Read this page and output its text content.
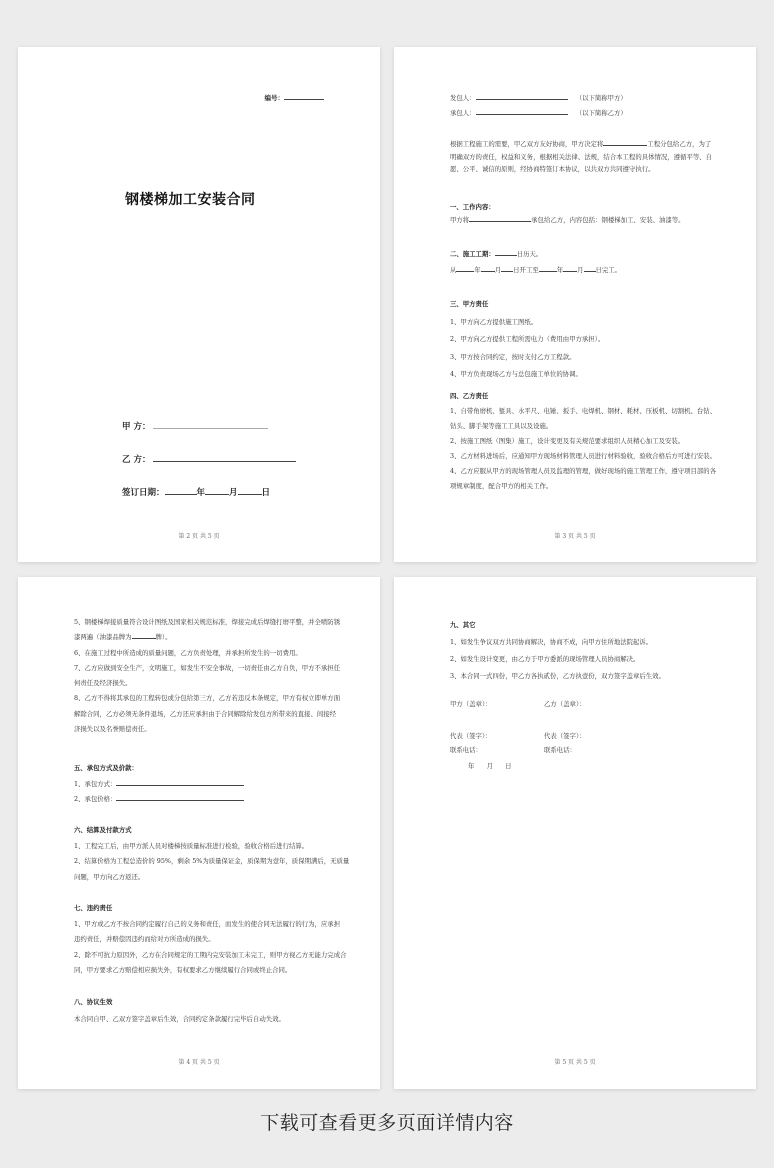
编号：
钢楼梯加工安装合同
甲 方：
乙 方：
签订日期：	年	月	日
第 2 页 共 5 页
发包人：	（以下简称甲方）
承包人：	（以下简称乙方）

根据工程施工的需要，甲乙双方友好协商，甲方决定将	工程分包给乙方，为了

明确双方的责任，权益和义务，根据相关法律、法规，结合本工程的具体情况，遵循平等、自

愿、公平、诚信的原则，经协商特签订本协议，以共双方共同遵守执行。

一、工作内容：

甲方将	承包给乙方，内容包括：钢楼梯加工、安装、油漆等。

二、施工工期：	日历天。

从	年 月 日开工至	年 月 日完工。

三、甲方责任

1、甲方向乙方提供施工图纸。

2、甲方向乙方提供工程所需电力（费用由甲方承担）。

3、甲方按合同约定，按时支付乙方工程款。

4、甲方负责现场乙方与总包施工单位的协调。

四、乙方责任

1、自带角磨机、錾具、水平尺、电锤、扳手、电焊机、钢材、耗材、压板机、切割机、台钻、

钻头、脚手架等施工工具以及设施。

2、按施工图纸（图集）施工，设计变更及有关规范要求组织人员精心加工及安装。

3、乙方材料进场后，应通知甲方现场材料管理人员进行材料验收，验收合格后方可进行安装。

4、乙方应服从甲方的现场管理人员及监理的管理，做好现场的施工管理工作，遵守项目部的各

项规章制度，配合甲方的相关工作。

第 3 页 共 5 页

5、钢楼梯焊接质量符合设计图纸及国家相关规范标准，焊接完成后焊缝打磨平整，并全喷防锈

漆两遍（油漆品牌为	牌）。

6、在施工过程中所造成的质量问题，乙方负责处理，并承担所发生的一切费用。

7、乙方应做到安全生产，文明施工，如发生不安全事故，一切责任由乙方自负，甲方不承担任

何责任及经济损失。

8、乙方不得将其承包的工程转包或分包给第三方，乙方若违反本条规定，甲方有权立即单方面

解除合同，乙方必须无条件退场，乙方还应承担由于合同解除给发包方所带来的直接、间接经

济损失以及名誉赔偿责任。

五、承包方式及价款：

1、承包方式：

2、承包价格：

六、结算及付款方式

1、工程完工后，由甲方派人员对楼梯按质量标准进行检验，验收合格后进行结算。

2、结算价格为工程总造价的 95%，剩余 5%为质量保证金，质保期为壹年，质保期满后，无质量

问题，甲方向乙方返还。

七、违约责任

1、甲方或乙方不按合同约定履行自己的义务和责任，而发生的使合同无法履行的行为，应承担

违约责任，并赔偿因违约而给对方所造成的损失。

2、除不可抗力原因外，乙方在合同规定的工期内完安装加工未完工，则甲方视乙方无能力完成合

同，甲方要求乙方赔偿相应损失外，有权要求乙方继续履行合同或终止合同。

八、协议生效

本合同自甲、乙双方签字盖章后生效，合同约定条款履行完毕后自动失效。

第 4 页 共 5 页

九、其它

1、如发生争议双方共同协商解决，协商不成，向甲方住所地法院起诉。

2、如发生设计变更，由乙方于甲方委派的现场管理人员协商解决。

3、本合同一式四份，甲乙方各执贰份，乙方执壹份，双方签字盖章后生效。

甲方（盖章）：	乙方（盖章）：
代表（签字）：	代表（签字）：
联系电话：	联系电话：
年      月      日
第 5 页 共 5 页
下载可查看更多页面详情内容
